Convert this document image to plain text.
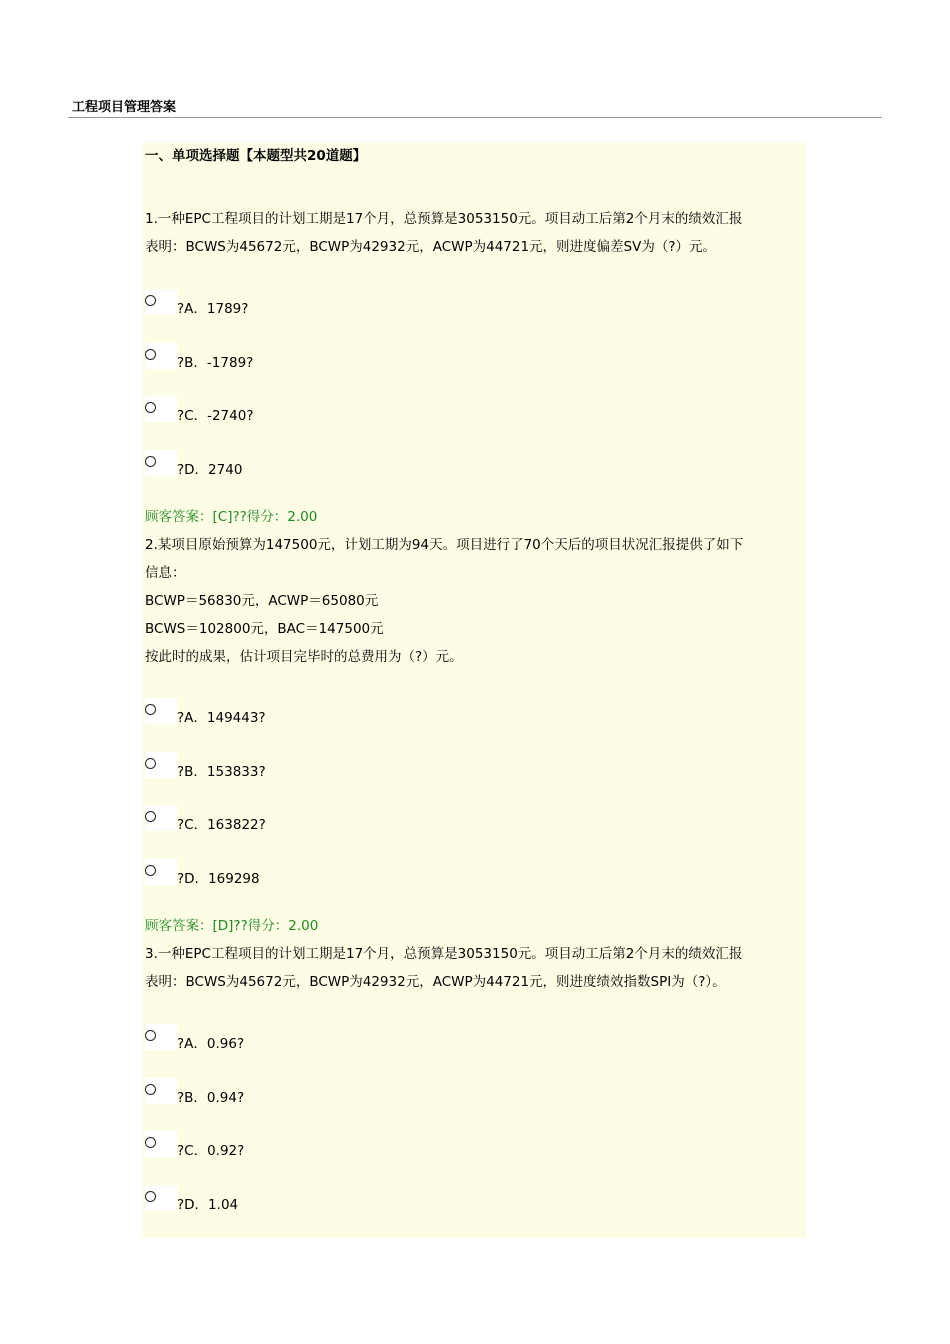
工程项目管理答案
一、单项选择题【本题型共20道题】
1.一种EPC工程项目的计划工期是17个月，总预算是3053150元。项目动工后第2个月末的绩效汇报
表明：BCWS为45672元，BCWP为42932元，ACWP为44721元，则进度偏差SV为（?）元。
?A．1789?
?B．-1789?
?C．-2740?
?D．2740
顾客答案：[C]??得分：2.00
2.某项目原始预算为147500元，计划工期为94天。项目进行了70个天后的项目状况汇报提供了如下
信息：
BCWP＝56830元，ACWP＝65080元
BCWS＝102800元，BAC＝147500元
按此时的成果，估计项目完毕时的总费用为（?）元。
?A．149443?
?B．153833?
?C．163822?
?D．169298
顾客答案：[D]??得分：2.00
3.一种EPC工程项目的计划工期是17个月，总预算是3053150元。项目动工后第2个月末的绩效汇报
表明：BCWS为45672元，BCWP为42932元，ACWP为44721元，则进度绩效指数SPI为（?）。
?A．0.96?
?B．0.94?
?C．0.92?
?D．1.04
